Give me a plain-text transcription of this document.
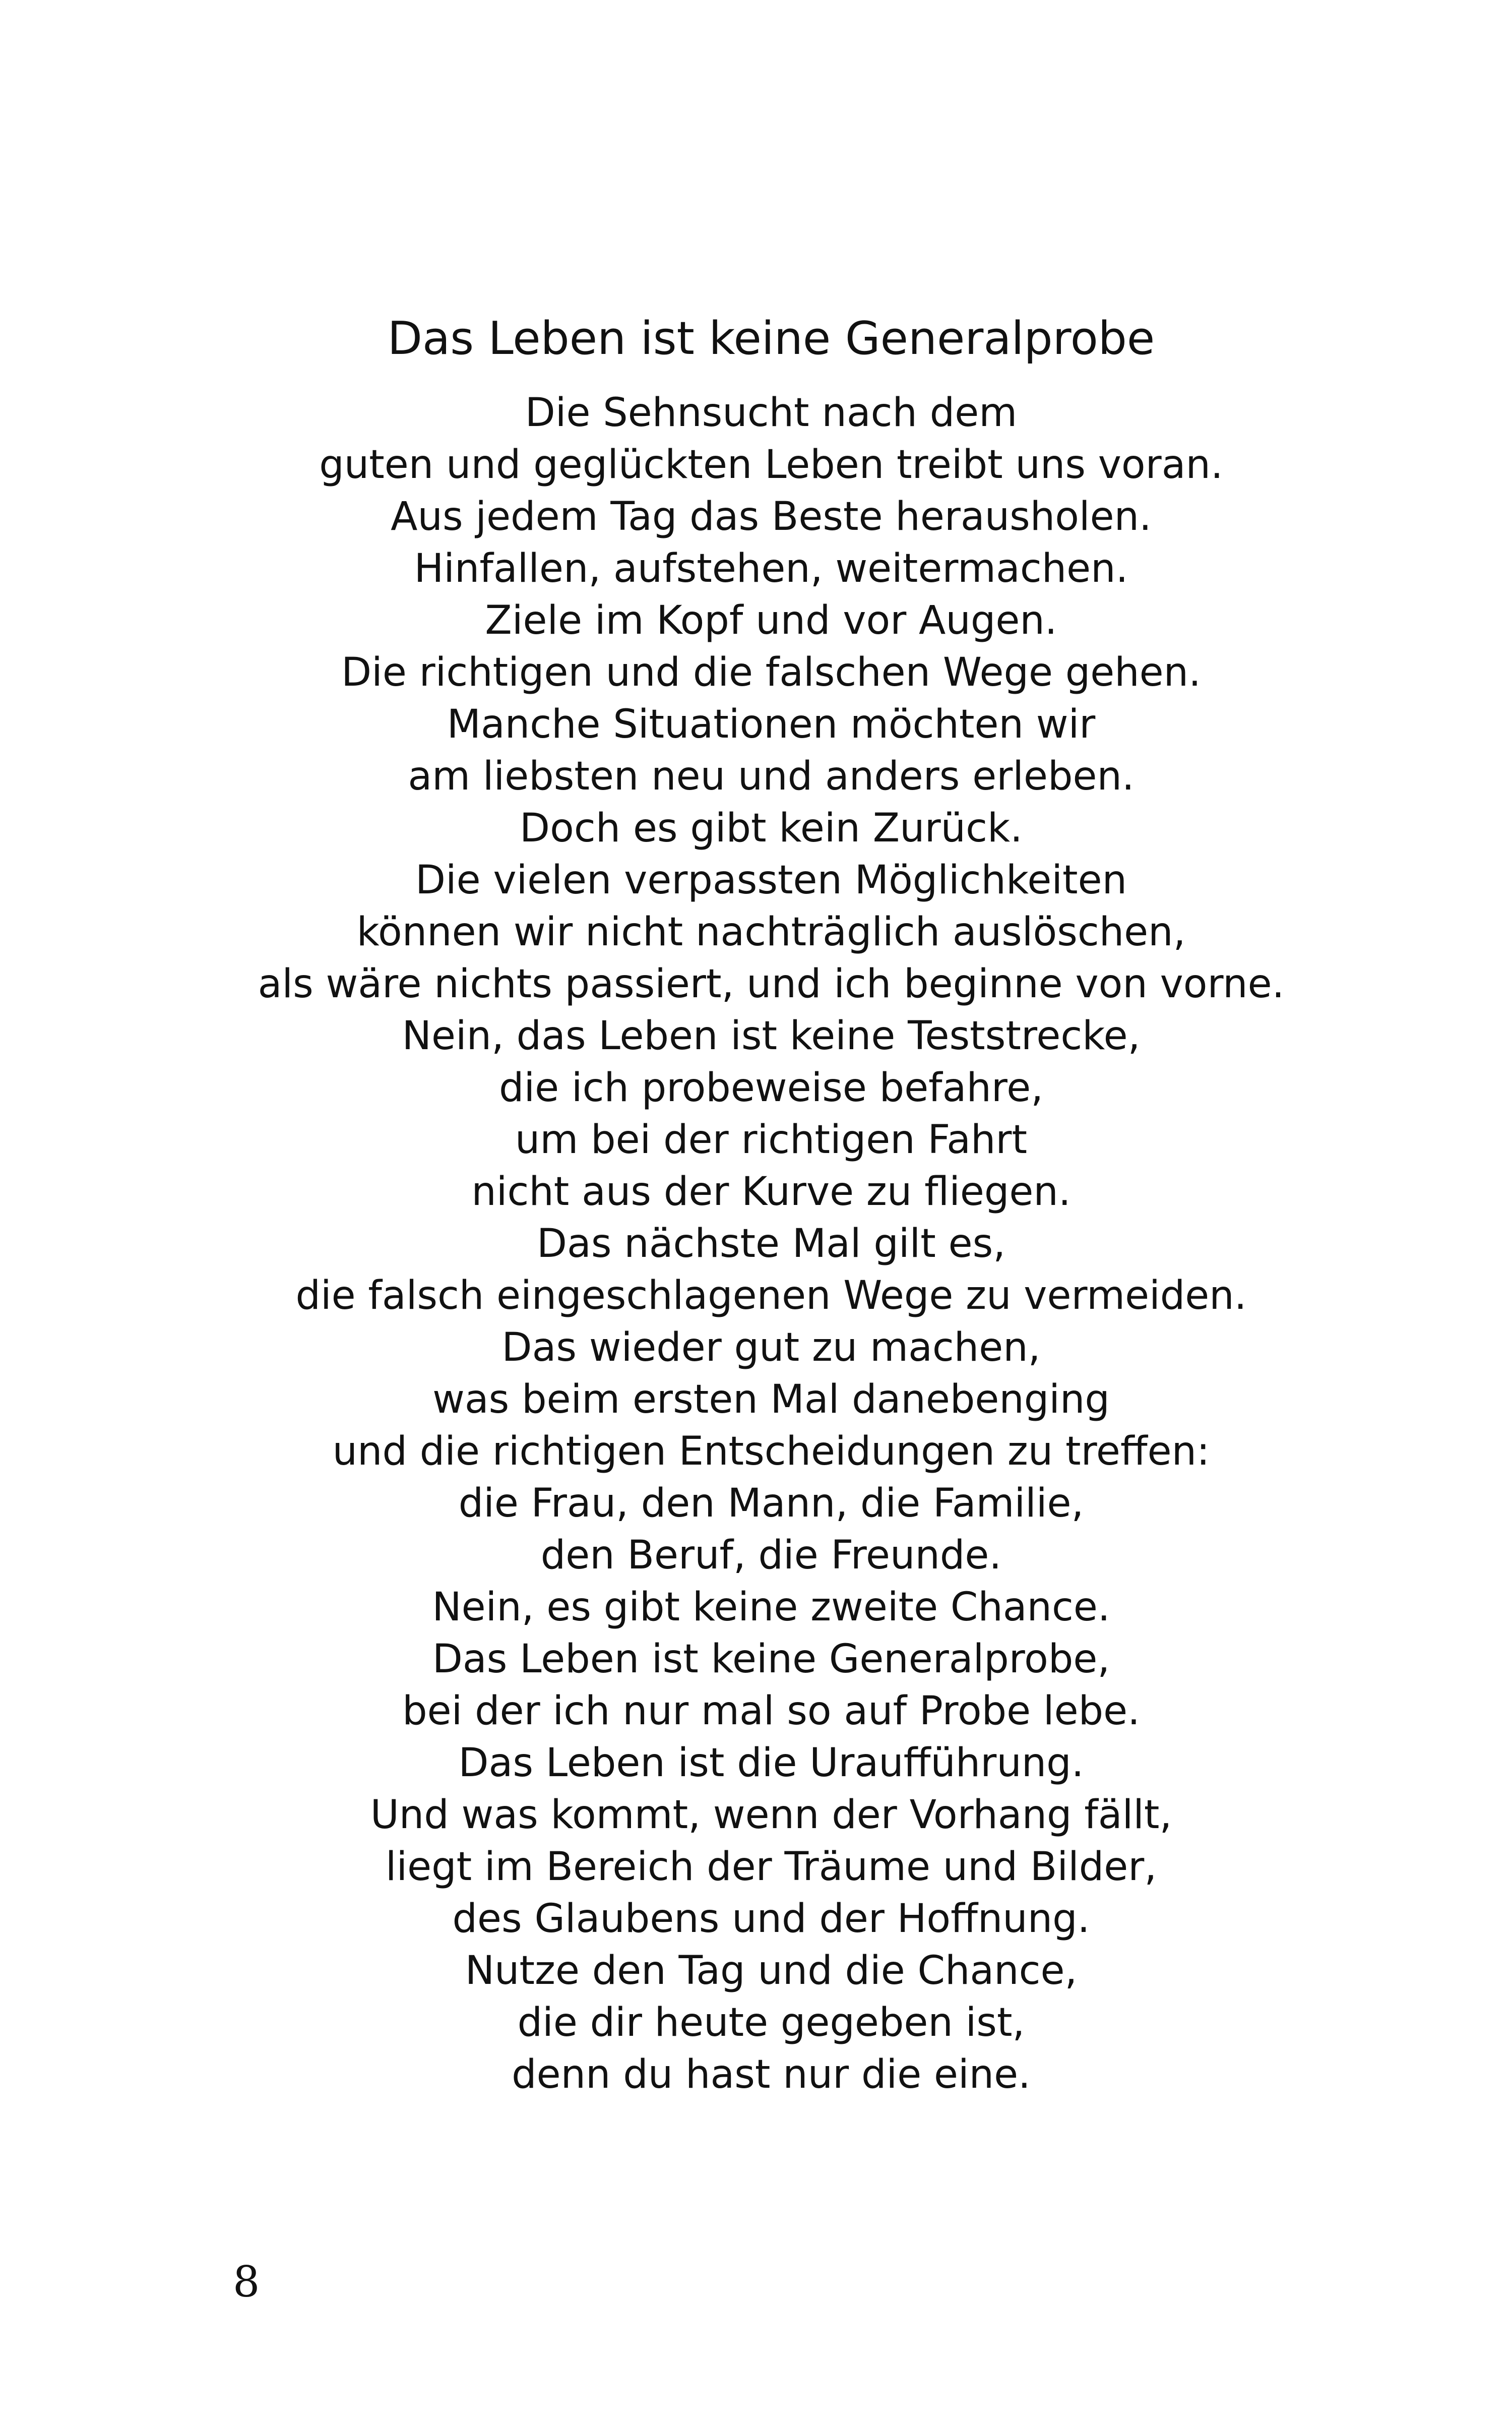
Das Leben ist keine Generalprobe
Die Sehnsucht nach dem
guten und geglückten Leben treibt uns voran.
Aus jedem Tag das Beste herausholen.
Hinfallen, aufstehen, weitermachen.
Ziele im Kopf und vor Augen.
Die richtigen und die falschen Wege gehen.
Manche Situationen möchten wir
am liebsten neu und anders erleben.
Doch es gibt kein Zurück.
Die vielen verpassten Möglichkeiten
können wir nicht nachträglich auslöschen,
als wäre nichts passiert, und ich beginne von vorne.
Nein, das Leben ist keine Teststrecke,
die ich probeweise befahre,
um bei der richtigen Fahrt
nicht aus der Kurve zu fliegen.
Das nächste Mal gilt es,
die falsch eingeschlagenen Wege zu vermeiden.
Das wieder gut zu machen,
was beim ersten Mal danebenging
und die richtigen Entscheidungen zu treffen:
die Frau, den Mann, die Familie,
den Beruf, die Freunde.
Nein, es gibt keine zweite Chance.
Das Leben ist keine Generalprobe,
bei der ich nur mal so auf Probe lebe.
Das Leben ist die Uraufführung.
Und was kommt, wenn der Vorhang fällt,
liegt im Bereich der Träume und Bilder,
des Glaubens und der Hoffnung.
Nutze den Tag und die Chance,
die dir heute gegeben ist,
denn du hast nur die eine.
8
